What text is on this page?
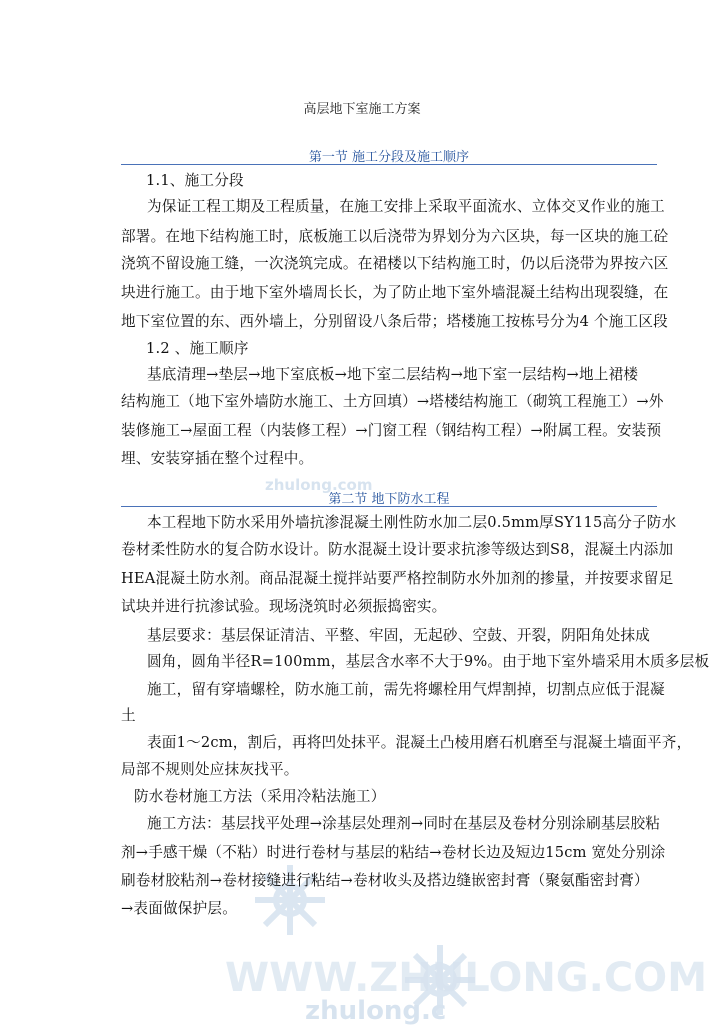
zhulong.com
WWW.ZHULONG.COM
zhulong.c
高层地下室施工方案
第一节 施工分段及施工顺序
1.1、施工分段
为保证工程工期及工程质量，在施工安排上采取平面流水、立体交叉作业的施工
部署。在地下结构施工时，底板施工以后浇带为界划分为六区块，每一区块的施工砼
浇筑不留设施工缝，一次浇筑完成。在裙楼以下结构施工时，仍以后浇带为界按六区
块进行施工。由于地下室外墙周长长，为了防止地下室外墙混凝土结构出现裂缝，在
地下室位置的东、西外墙上，分别留设八条后带；塔楼施工按栋号分为4 个施工区段
1.2 、施工顺序
基底清理→垫层→地下室底板→地下室二层结构→地下室一层结构→地上裙楼
结构施工（地下室外墙防水施工、土方回填）→塔楼结构施工（砌筑工程施工）→外
装修施工→屋面工程（内装修工程）→门窗工程（钢结构工程）→附属工程。安装预
埋、安装穿插在整个过程中。
第二节 地下防水工程
本工程地下防水采用外墙抗渗混凝土刚性防水加二层0.5mm厚SY115高分子防水
卷材柔性防水的复合防水设计。防水混凝土设计要求抗渗等级达到S8，混凝土内添加
HEA混凝土防水剂。商品混凝土搅拌站要严格控制防水外加剂的掺量，并按要求留足
试块并进行抗渗试验。现场浇筑时必须振捣密实。
基层要求：基层保证清洁、平整、牢固，无起砂、空鼓、开裂，阴阳角处抹成
圆角，圆角半径R=100mm，基层含水率不大于9%。由于地下室外墙采用木质多层板
施工，留有穿墙螺栓，防水施工前，需先将螺栓用气焊割掉，切割点应低于混凝
土
表面1～2cm，割后，再将凹处抹平。混凝土凸棱用磨石机磨至与混凝土墙面平齐，
局部不规则处应抹灰找平。
防水卷材施工方法（采用冷粘法施工）
施工方法：基层找平处理→涂基层处理剂→同时在基层及卷材分别涂刷基层胶粘
剂→手感干燥（不粘）时进行卷材与基层的粘结→卷材长边及短边15cm 宽处分别涂
刷卷材胶粘剂→卷材接缝进行粘结→卷材收头及搭边缝嵌密封膏（聚氨酯密封膏）
→表面做保护层。
